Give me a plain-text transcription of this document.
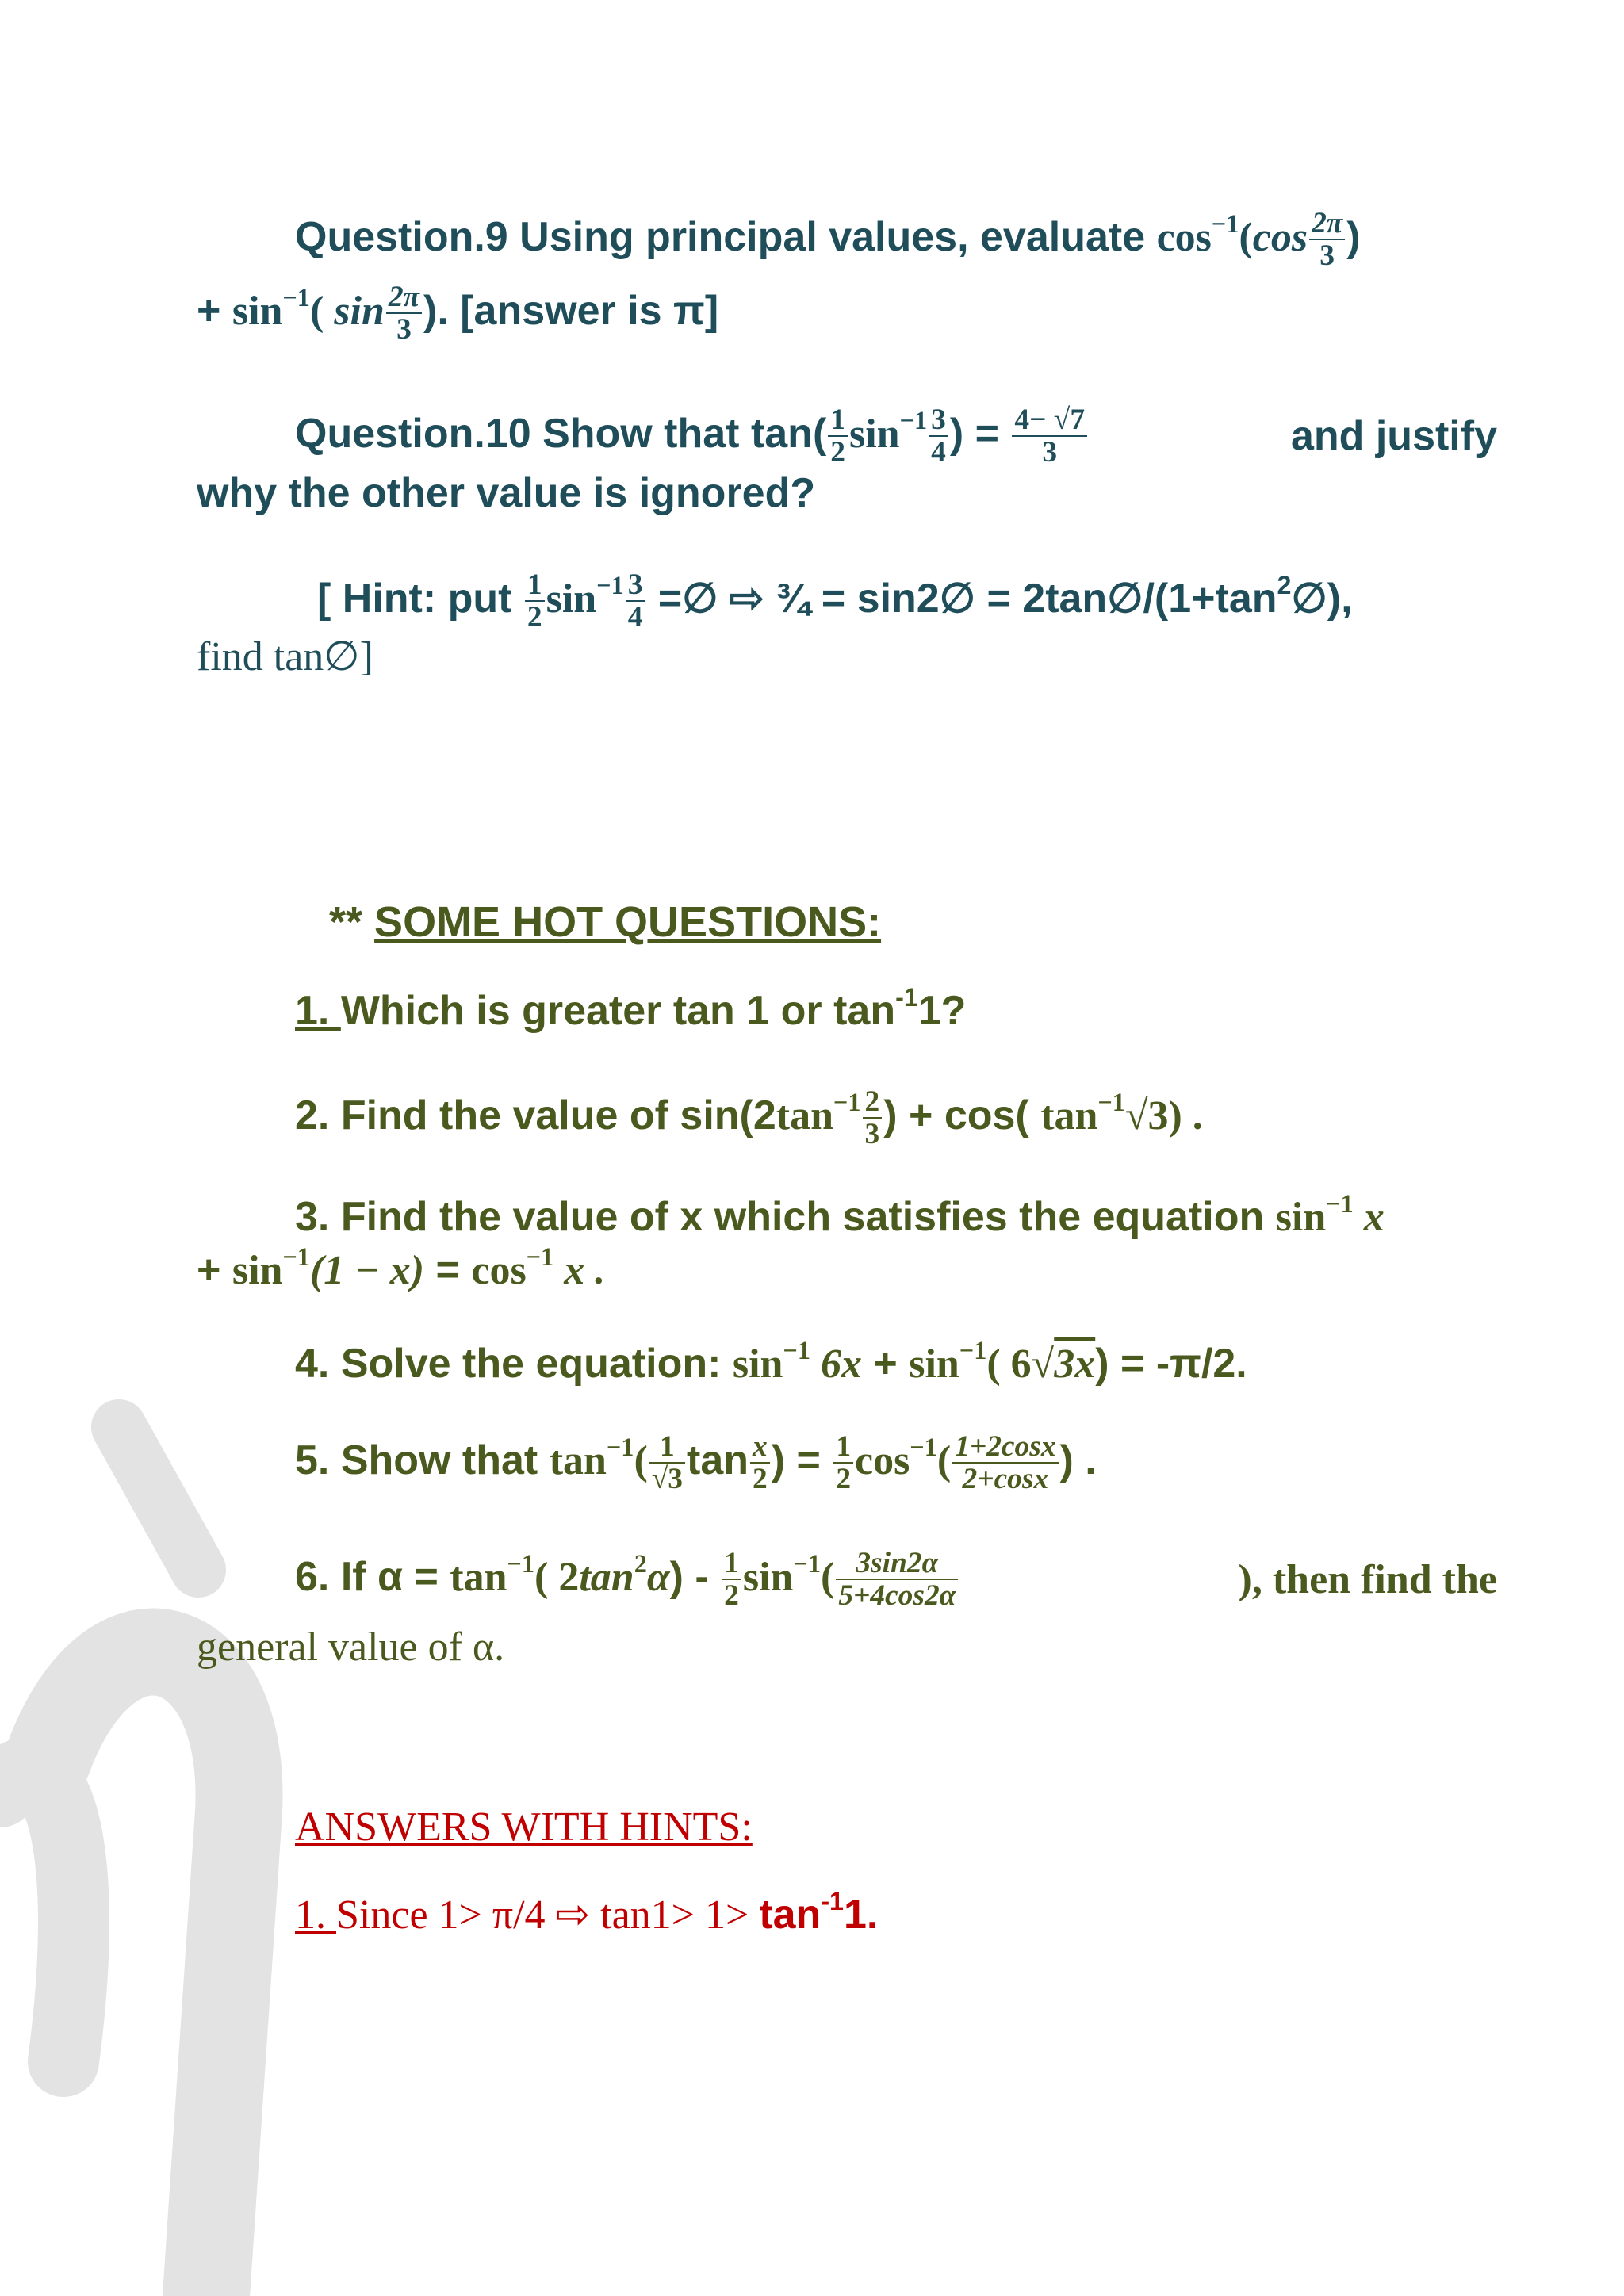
Question.9 Using principal values, evaluate $\cos^{-1}(\cos \frac{2\pi}{3}$ )
+ $\sin^{-1}$( $\sin \frac{2\pi}{3}$ ). [answer is π]
Question.10 Show that $\tan( \frac{1}{2} \sin^{-1} \frac{3}{4}$ ) = $\frac{4- √7}{3}$	and justify
why the other value is ignored?
[ Hint: put $\frac{1}{2} \sin^{-1} \frac{3}{4}$ =∅ ⇨ ¾ = sin2∅ = $2\tan\emptyset/(1+\tan^2\emptyset)$,
find tan∅]
** SOME HOT QUESTIONS:
1. Which is greater tan 1 or $\tan^{-1}1$?
2. Find the value of $\sin(2\tan^{-1} \frac{2}{3}$ ) + cos( $\tan^{-1}√3$) .
3. Find the value of x which satisfies the equation $\sin^{-1} x$
+ $\sin^{-1}(1 - x) = \cos^{-1} x$ .
4. Solve the equation: $\sin^{-1} 6x + \sin^{-1}$( 6√3x) = -π/2.
5. Show that $\tan^{-1}( \frac{1}{√3}$ $\tan \frac{x}{2}$ ) = $\frac{1}{2} \cos^{-1}( \frac{1+2\cos x}{2+\cos x}$ ) .
6. If $\alpha = \tan^{-1}$( $2\tan^2\alpha) - \frac{1}{2} \sin^{-1}( \frac{3\sin 2\alpha}{5+4\cos 2\alpha}$	), then find the
general value of α.
ANSWERS WITH HINTS:
1. Since 1> π/4 ⇨ $\tan 1> 1> \tan^{-1}1$.
